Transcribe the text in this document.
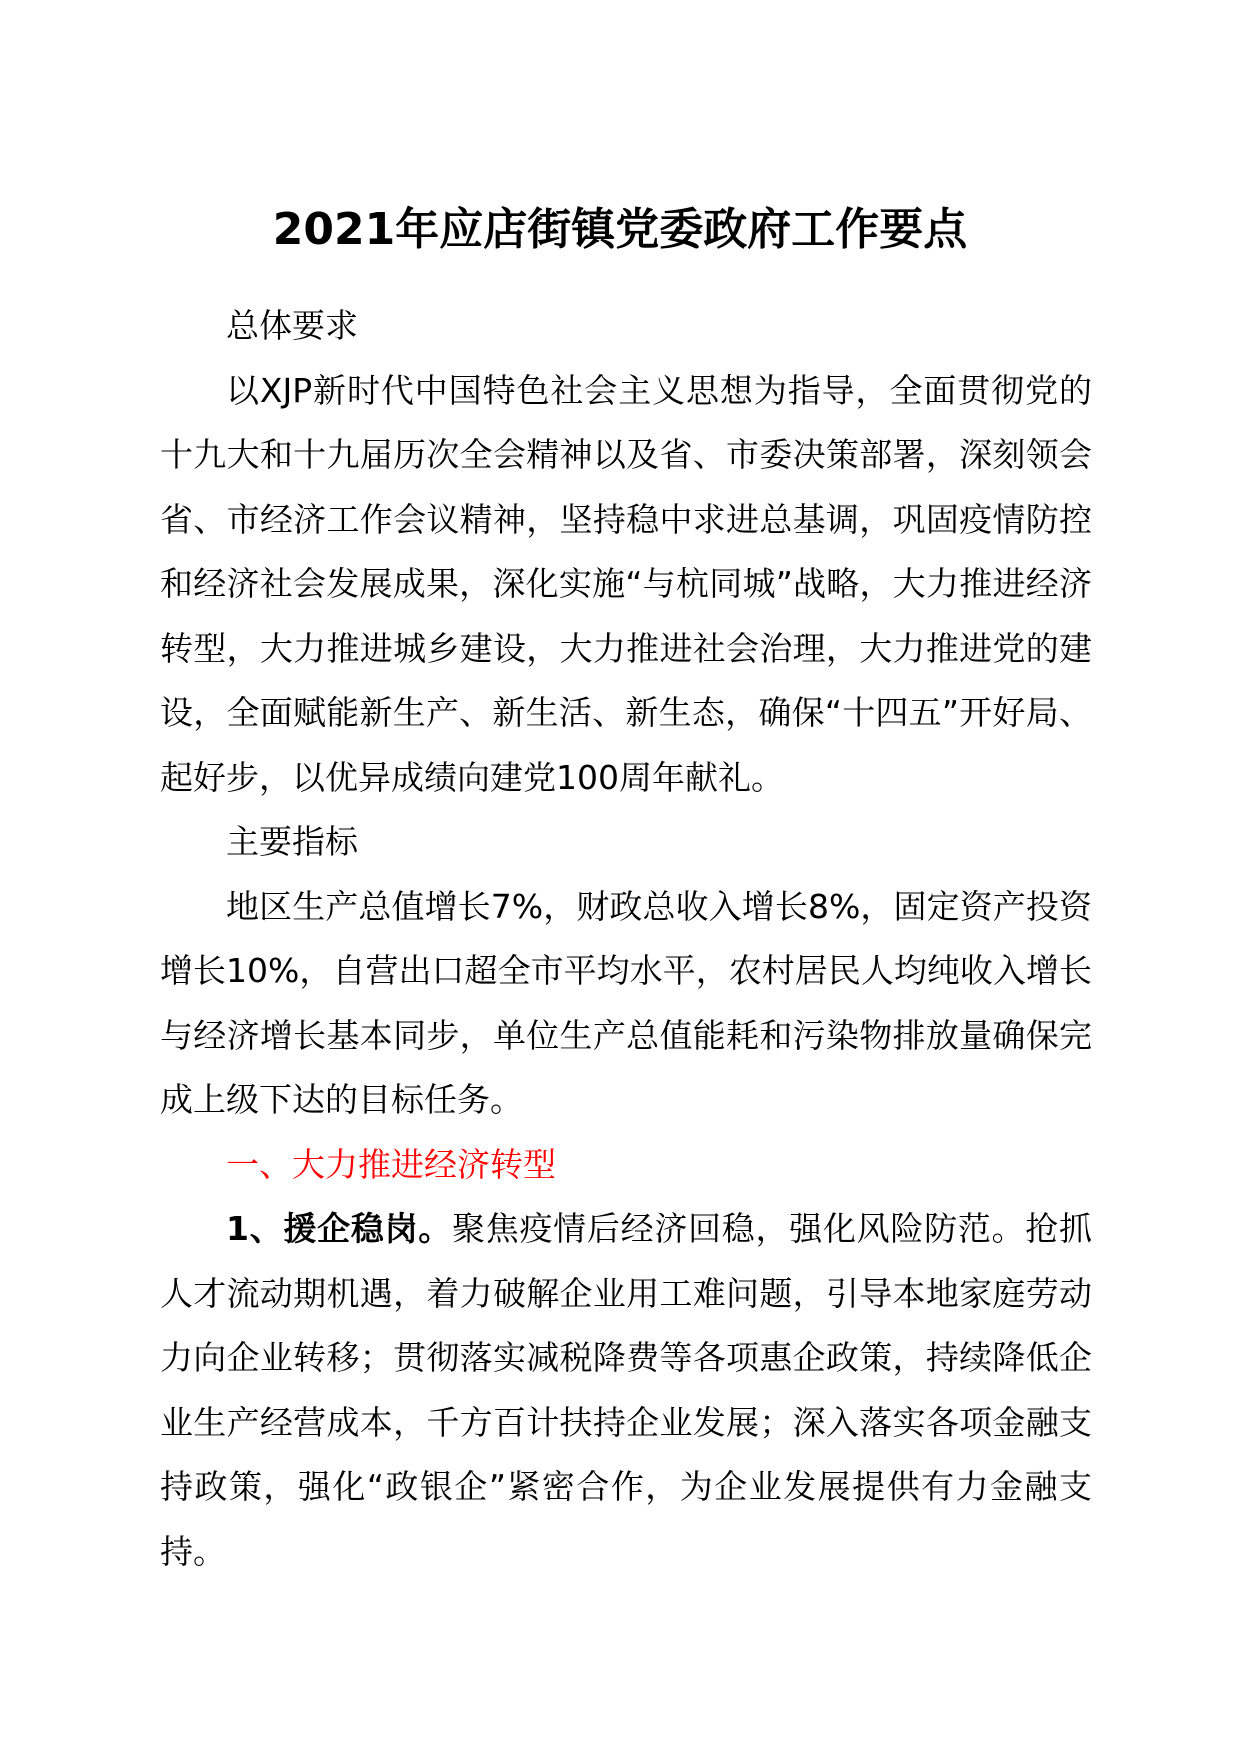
2021年应店街镇党委政府工作要点

总体要求

以XJP新时代中国特色社会主义思想为指导，全面贯彻党的十九大和十九届历次全会精神以及省、市委决策部署，深刻领会省、市经济工作会议精神，坚持稳中求进总基调，巩固疫情防控和经济社会发展成果，深化实施“与杭同城”战略，大力推进经济转型，大力推进城乡建设，大力推进社会治理，大力推进党的建设，全面赋能新生产、新生活、新生态，确保“十四五”开好局、起好步，以优异成绩向建党100周年献礼。

主要指标

地区生产总值增长7%，财政总收入增长8%，固定资产投资增长10%，自营出口超全市平均水平，农村居民人均纯收入增长与经济增长基本同步，单位生产总值能耗和污染物排放量确保完成上级下达的目标任务。

一、大力推进经济转型

1、援企稳岗。聚焦疫情后经济回稳，强化风险防范。抢抓人才流动期机遇，着力破解企业用工难问题，引导本地家庭劳动力向企业转移；贯彻落实减税降费等各项惠企政策，持续降低企业生产经营成本，千方百计扶持企业发展；深入落实各项金融支持政策，强化“政银企”紧密合作，为企业发展提供有力金融支持。
